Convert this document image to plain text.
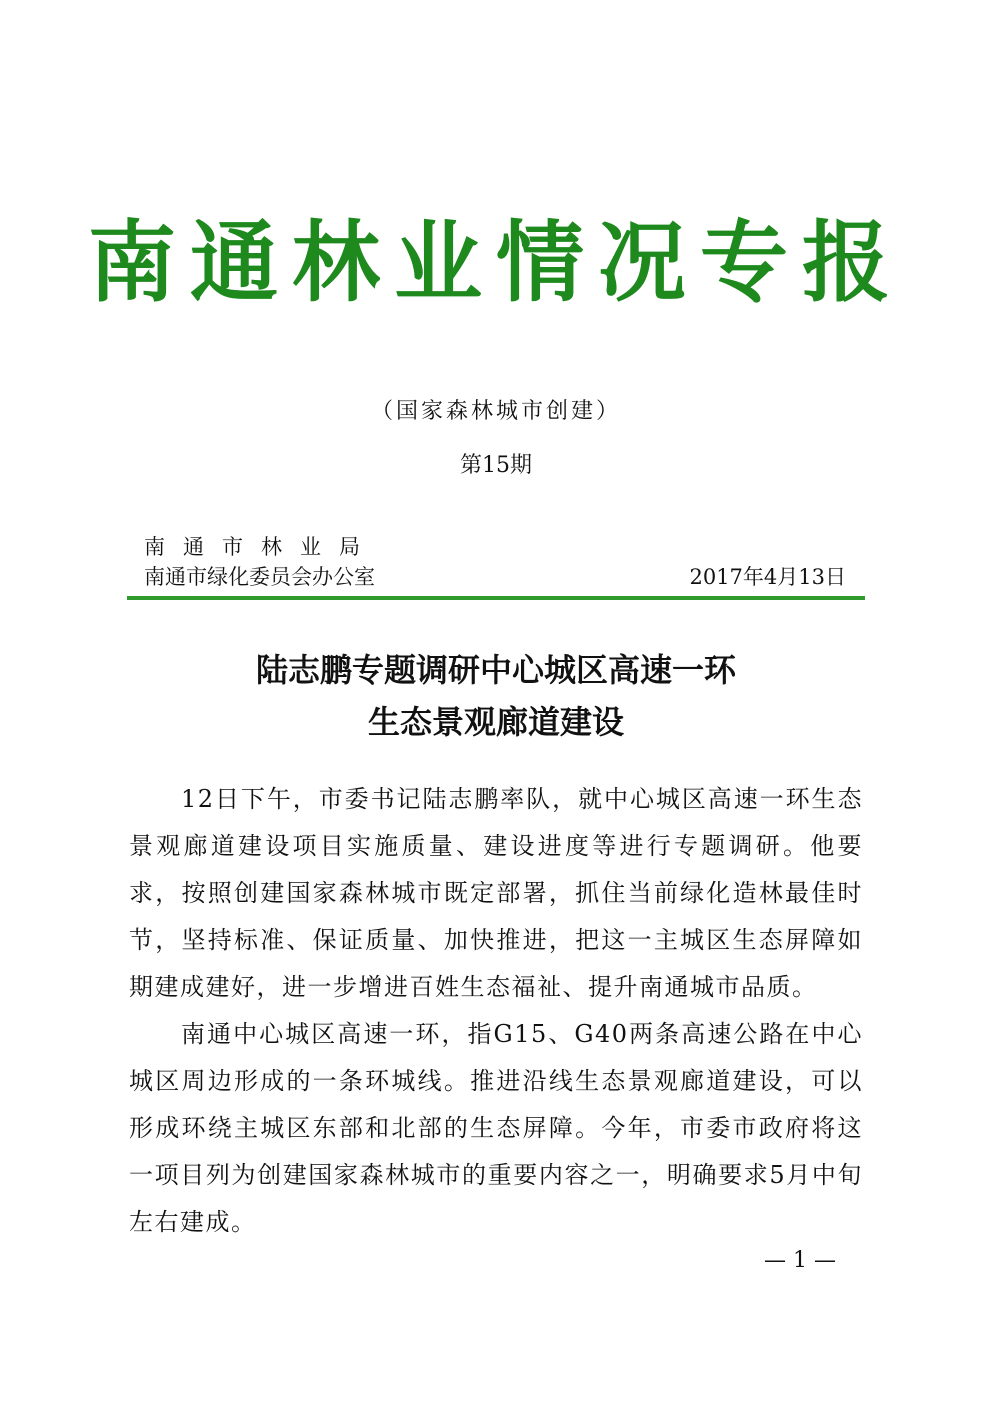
南通林业情况专报
（国家森林城市创建）
第15期
南通市林业局
南通市绿化委员会办公室	2017年4月13日
陆志鹏专题调研中心城区高速一环
生态景观廊道建设

12日下午，市委书记陆志鹏率队，就中心城区高速一环生态景观廊道建设项目实施质量、建设进度等进行专题调研。他要求，按照创建国家森林城市既定部署，抓住当前绿化造林最佳时节，坚持标准、保证质量、加快推进，把这一主城区生态屏障如期建成建好，进一步增进百姓生态福祉、提升南通城市品质。

南通中心城区高速一环，指G15、G40两条高速公路在中心城区周边形成的一条环城线。推进沿线生态景观廊道建设，可以形成环绕主城区东部和北部的生态屏障。今年，市委市政府将这一项目列为创建国家森林城市的重要内容之一，明确要求5月中旬左右建成。

— 1 —
